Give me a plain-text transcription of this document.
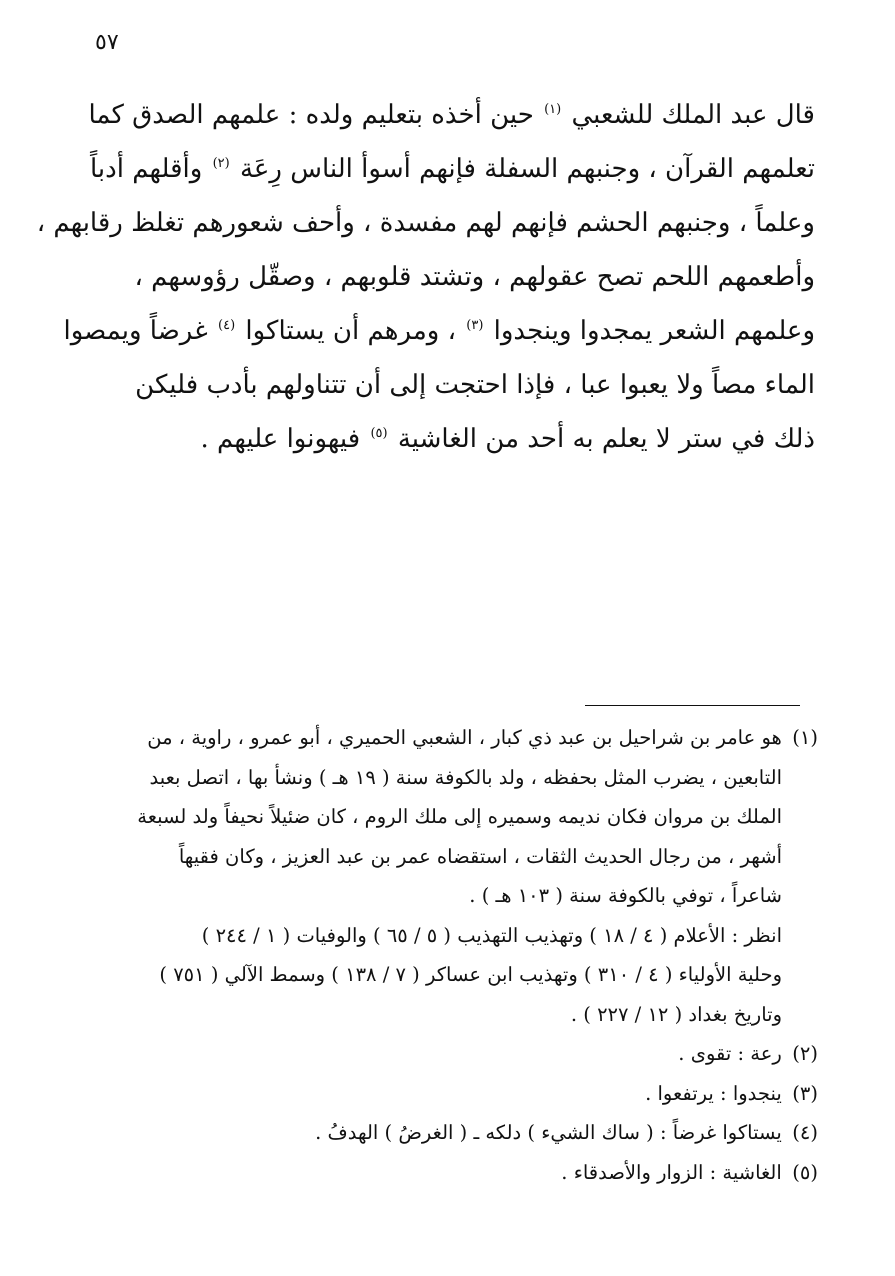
٥٧
قال عبد الملك للشعبي $^{(١)}$ حين أخذه بتعليم ولده : علمهم الصدق كما
تعلمهم القرآن ، وجنبهم السفلة فإنهم أسوأ الناس رِعَة $^{(٢)}$ وأقلهم أدباً
وعلماً ، وجنبهم الحشم فإنهم لهم مفسدة ، وأحف شعورهم تغلظ رقابهم ،
وأطعمهم اللحم تصح عقولهم ، وتشتد قلوبهم ، وصقّل رؤوسهم ،
وعلمهم الشعر يمجدوا وينجدوا $^{(٣)}$ ، ومرهم أن يستاكوا $^{(٤)}$ غرضاً ويمصوا
الماء مصاً ولا يعبوا عبا ، فإذا احتجت إلى أن تتناولهم بأدب فليكن
ذلك في ستر لا يعلم به أحد من الغاشية $^{(٥)}$ فيهونوا عليهم .
(١) هو عامر بن شراحيل بن عبد ذي كبار ، الشعبي الحميري ، أبو عمرو ، راوية ، من
التابعين ، يضرب المثل بحفظه ، ولد بالكوفة سنة ( ١٩ هـ ) ونشأ بها ، اتصل بعبد
الملك بن مروان فكان نديمه وسميره إلى ملك الروم ، كان ضئيلاً نحيفاً ولد لسبعة
أشهر ، من رجال الحديث الثقات ، استقضاه عمر بن عبد العزيز ، وكان فقيهاً
شاعراً ، توفي بالكوفة سنة ( ١٠٣ هـ ) .
انظر : الأعلام ( ٤ / ١٨ ) وتهذيب التهذيب ( ٥ / ٦٥ ) والوفيات ( ١ / ٢٤٤ )
وحلية الأولياء ( ٤ / ٣١٠ ) وتهذيب ابن عساكر ( ٧ / ١٣٨ ) وسمط الآلي ( ٧٥١ )
وتاريخ بغداد ( ١٢ / ٢٢٧ ) .
(٢) رعة : تقوى .
(٣) ينجدوا : يرتفعوا .
(٤) يستاكوا غرضاً : ( ساك الشيء ) دلكه ـ ( الغرضُ ) الهدفُ .
(٥) الغاشية : الزوار والأصدقاء .
